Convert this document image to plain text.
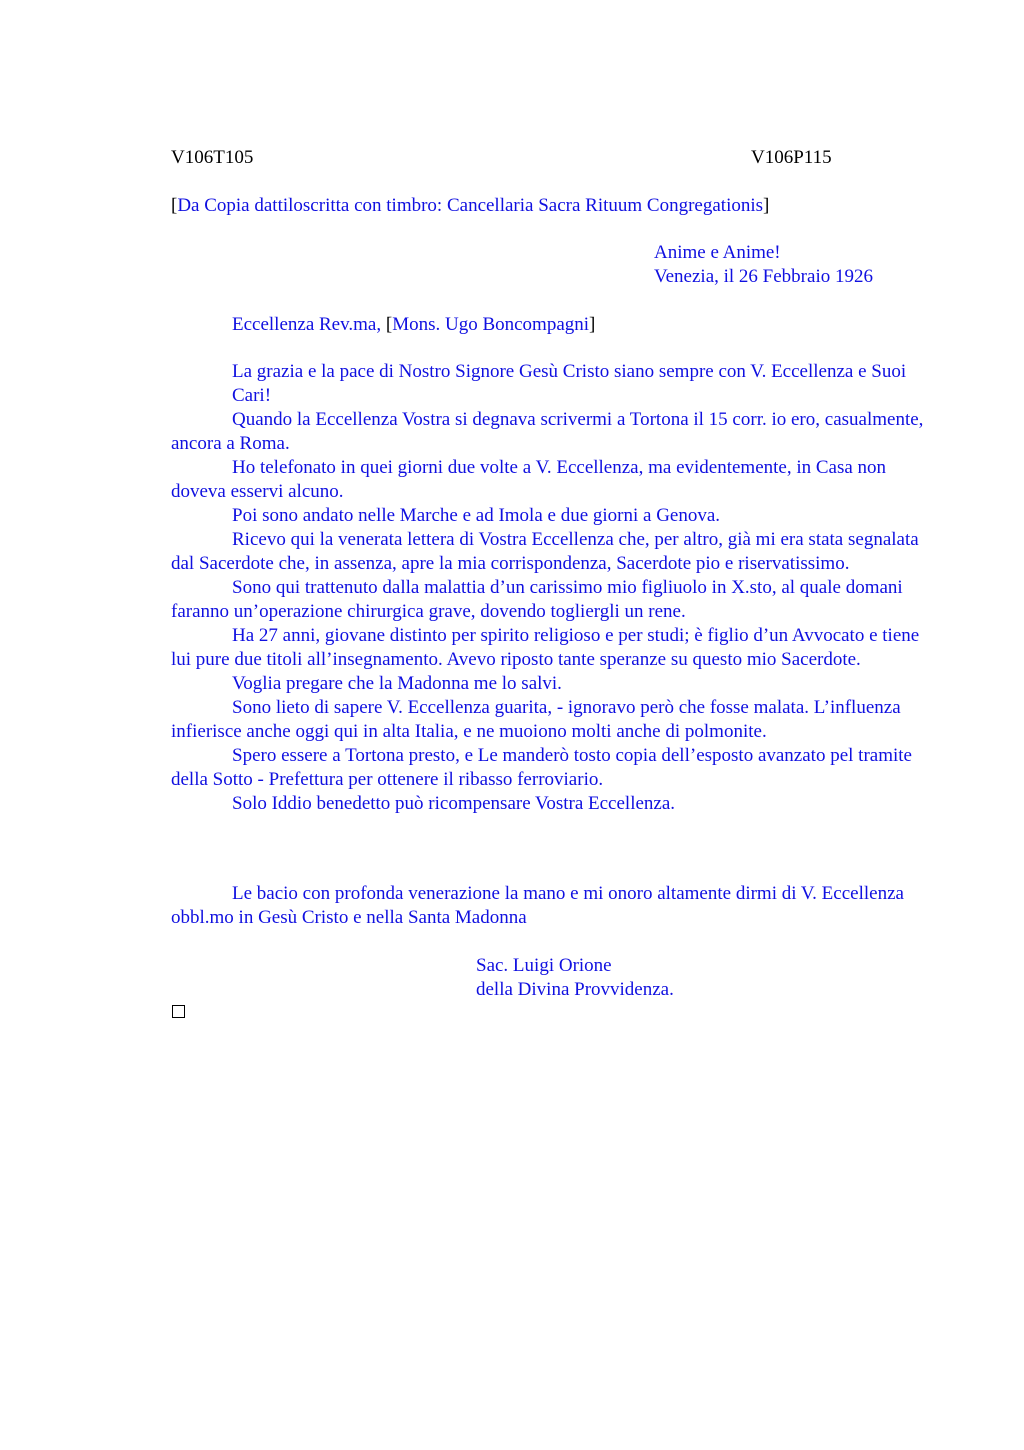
V106T105	V106P115
[Da Copia dattiloscritta con timbro: Cancellaria Sacra Rituum Congregationis]
Anime e Anime!
Venezia, il 26 Febbraio 1926
Eccellenza Rev.ma, [Mons. Ugo Boncompagni]

La grazia e la pace di Nostro Signore Gesù Cristo siano sempre con V. Eccellenza e Suoi Cari!

Quando la Eccellenza Vostra si degnava scrivermi a Tortona il 15 corr. io ero, casualmente, ancora a Roma.

Ho telefonato in quei giorni due volte a V. Eccellenza, ma evidentemente, in Casa non doveva esservi alcuno.

Poi sono andato nelle Marche e ad Imola e due giorni a Genova.

Ricevo qui la venerata lettera di Vostra Eccellenza che, per altro, già mi era stata segnalata dal Sacerdote che, in assenza, apre la mia corrispondenza, Sacerdote pio e riservatissimo.

Sono qui trattenuto dalla malattia d’un carissimo mio figliuolo in X.sto, al quale domani faranno un’operazione chirurgica grave, dovendo togliergli un rene.

Ha 27 anni, giovane distinto per spirito religioso e per studi; è figlio d’un Avvocato e tiene lui pure due titoli all’insegnamento. Avevo riposto tante speranze su questo mio Sacerdote.

Voglia pregare che la Madonna me lo salvi.

Sono lieto di sapere V. Eccellenza guarita, - ignoravo però che fosse malata. L’influenza infierisce anche oggi qui in alta Italia, e ne muoiono molti anche di polmonite.

Spero essere a Tortona presto, e Le manderò tosto copia dell’esposto avanzato pel tramite della Sotto - Prefettura per ottenere il ribasso ferroviario.

Solo Iddio benedetto può ricompensare Vostra Eccellenza.

Le bacio con profonda venerazione la mano e mi onoro altamente dirmi di V. Eccellenza obbl.mo in Gesù Cristo e nella Santa Madonna

Sac. Luigi Orione
della Divina Provvidenza.
